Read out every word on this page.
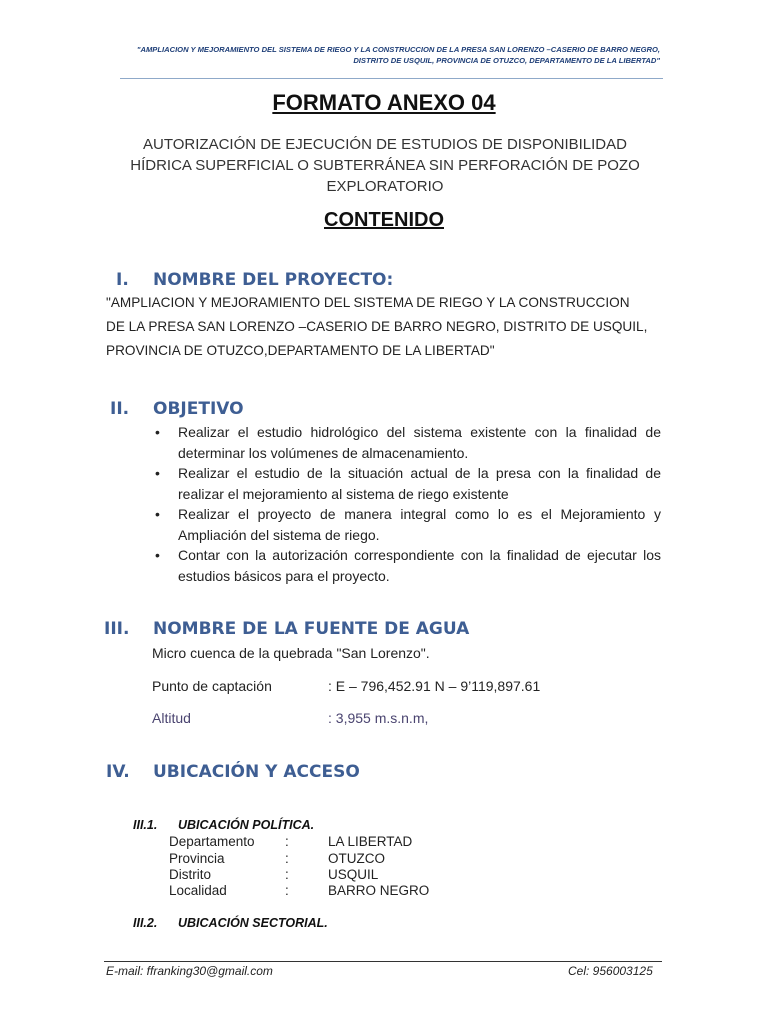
"AMPLIACION Y MEJORAMIENTO DEL SISTEMA DE RIEGO Y LA CONSTRUCCION DE LA PRESA SAN LORENZO –CASERIO DE BARRO NEGRO,
DISTRITO DE USQUIL, PROVINCIA DE OTUZCO, DEPARTAMENTO DE LA LIBERTAD"
FORMATO ANEXO 04
AUTORIZACIÓN DE EJECUCIÓN DE ESTUDIOS DE DISPONIBILIDAD
HÍDRICA SUPERFICIAL O SUBTERRÁNEA SIN PERFORACIÓN DE POZO
EXPLORATORIO
CONTENIDO
I. NOMBRE DEL PROYECTO:
"AMPLIACION Y MEJORAMIENTO DEL SISTEMA DE RIEGO Y LA CONSTRUCCION
DE LA PRESA SAN LORENZO –CASERIO DE BARRO NEGRO, DISTRITO DE USQUIL,
PROVINCIA DE OTUZCO,DEPARTAMENTO DE LA LIBERTAD"
II. OBJETIVO
• Realizar el estudio hidrológico del sistema existente con la finalidad de determinar los volúmenes de almacenamiento.
• Realizar el estudio de la situación actual de la presa con la finalidad de realizar el mejoramiento al sistema de riego existente
• Realizar el proyecto de manera integral como lo es el Mejoramiento y Ampliación del sistema de riego.
• Contar con la autorización correspondiente con la finalidad de ejecutar los estudios básicos para el proyecto.
III. NOMBRE DE LA FUENTE DE AGUA
Micro cuenca de la quebrada "San Lorenzo".
Punto de captación	: E – 796,452.91 N – 9’119,897.61
Altitud	: 3,955 m.s.n.m,
IV. UBICACIÓN Y ACCESO
III.1. UBICACIÓN POLÍTICA.
Departamento :	LA LIBERTAD
Provincia	:	OTUZCO
Distrito	:	USQUIL
Localidad	:	BARRO NEGRO
III.2. UBICACIÓN SECTORIAL.
E-mail: ffranking30@gmail.com	Cel: 956003125
